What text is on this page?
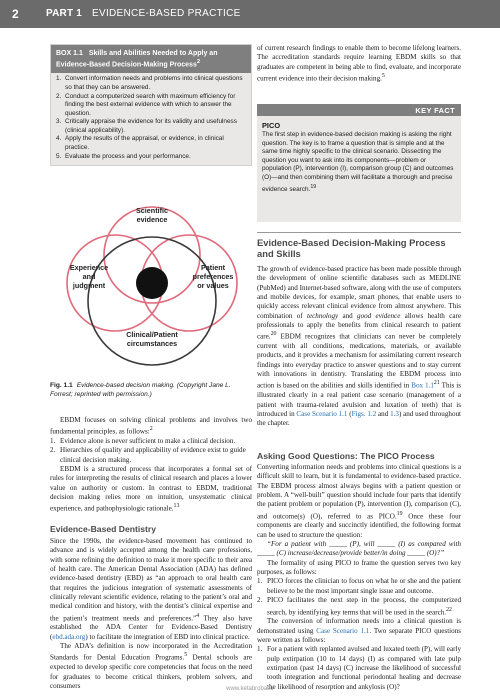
2	PART 1 EVIDENCE-BASED PRACTICE
BOX 1.1 Skills and Abilities Needed to Apply an Evidence-Based Decision-Making Process$^2$
1. Convert information needs and problems into clinical questions so that they can be answered.
2. Conduct a computerized search with maximum efficiency for finding the best external evidence with which to answer the question.
3. Critically appraise the evidence for its validity and usefulness (clinical applicability).
4. Apply the results of the appraisal, or evidence, in clinical practice.
5. Evaluate the process and your performance.
Scientific
evidence
Experience
and
judgment
Patient
preferences
or values
Clinical/Patient
circumstances
Fig. 1.1 Evidence-based decision making. (Copyright Jane L. Forrest; reprinted with permission.)

EBDM focuses on solving clinical problems and involves two fundamental principles, as follows:$^2$

1. Evidence alone is never sufficient to make a clinical decision.
2. Hierarchies of quality and applicability of evidence exist to guide clinical decision making.

EBDM is a structured process that incorporates a formal set of rules for interpreting the results of clinical research and places a lower value on authority or custom. In contrast to EBDM, traditional decision making relies more on intuition, unsystematic clinical experience, and pathophysiologic rationale.$^{13}$

Evidence-Based Dentistry

Since the 1990s, the evidence-based movement has continued to advance and is widely accepted among the health care professions, with some refining the definition to make it more specific to their area of health care. The American Dental Association (ADA) has defined evidence-based dentistry (EBD) as “an approach to oral health care that requires the judicious integration of systematic assessments of clinically relevant scientific evidence, relating to the patient’s oral and medical condition and history, with the dentist’s clinical expertise and the patient’s treatment needs and preferences.”$^4$ They also have established the ADA Center for Evidence-Based Dentistry (ebd.ada.org) to facilitate the integration of EBD into clinical practice.

The ADA’s definition is now incorporated in the Accreditation Standards for Dental Education Programs.$^5$ Dental schools are expected to develop specific core competencies that focus on the need for graduates to become critical thinkers, problem solvers, and consumers

of current research findings to enable them to become lifelong learners. The accreditation standards require learning EBDM skills so that graduates are competent in being able to find, evaluate, and incorporate current evidence into their decision making.$^5$

KEY FACT
PICO
The first step in evidence-based decision making is asking the right question. The key is to frame a question that is simple and at the same time highly specific to the clinical scenario. Dissecting the question you want to ask into its components—problem or population (P), intervention (I), comparison group (C) and outcomes (O)—and then combining them will facilitate a thorough and precise evidence search.$^{19}$
Evidence-Based Decision-Making Process and Skills

The growth of evidence-based practice has been made possible through the development of online scientific databases such as MEDLINE (PubMed) and Internet-based software, along with the use of computers and mobile devices, for example, smart phones, that enable users to quickly access relevant clinical evidence from almost anywhere. This combination of technology and good evidence allows health care professionals to apply the benefits from clinical research to patient care.$^{20}$ EBDM recognizes that clinicians can never be completely current with all conditions, medications, materials, or available products, and it provides a mechanism for assimilating current research findings into everyday practice to answer questions and to stay current with innovations in dentistry. Translating the EBDM process into action is based on the abilities and skills identified in Box $1.1^{21}$ This is illustrated clearly in a real patient case scenario (management of a patient with trauma-related avulsion and luxation of teeth) that is introduced in Case Scenario 1.1 (Figs. 1.2 and 1.3) and used throughout the chapter.

Asking Good Questions: The PICO Process

Converting information needs and problems into clinical questions is a difficult skill to learn, but it is fundamental to evidence-based practice. The EBDM process almost always begins with a patient question or problem. A “well-built” question should include four parts that identify the patient problem or population (P), intervention (I), comparison (C), and outcome(s) (O), referred to as PICO.$^{19}$ Once these four components are clearly and succinctly identified, the following format can be used to structure the question:

“For a patient with _____ (P), will _____ (I) as compared with _____ (C) increase/decrease/provide better/in doing _____ (O)?”

The formality of using PICO to frame the question serves two key purposes, as follows:

1. PICO forces the clinician to focus on what he or she and the patient believe to be the most important single issue and outcome.
2. PICO facilitates the next step in the process, the computerized search, by identifying key terms that will be used in the search.$^{22}$

The conversion of information needs into a clinical question is demonstrated using Case Scenario 1.1. Two separate PICO questions were written as follows:

1. For a patient with replanted avulsed and luxated teeth (P), will early pulp extirpation (10 to 14 days) (I) as compared with late pulp extirpation (past 14 days) (C) increase the likelihood of successful tooth integration and functional periodontal healing and decrease the likelihood of resorption and ankylosis (O)?
www.ketabrobat.ir
